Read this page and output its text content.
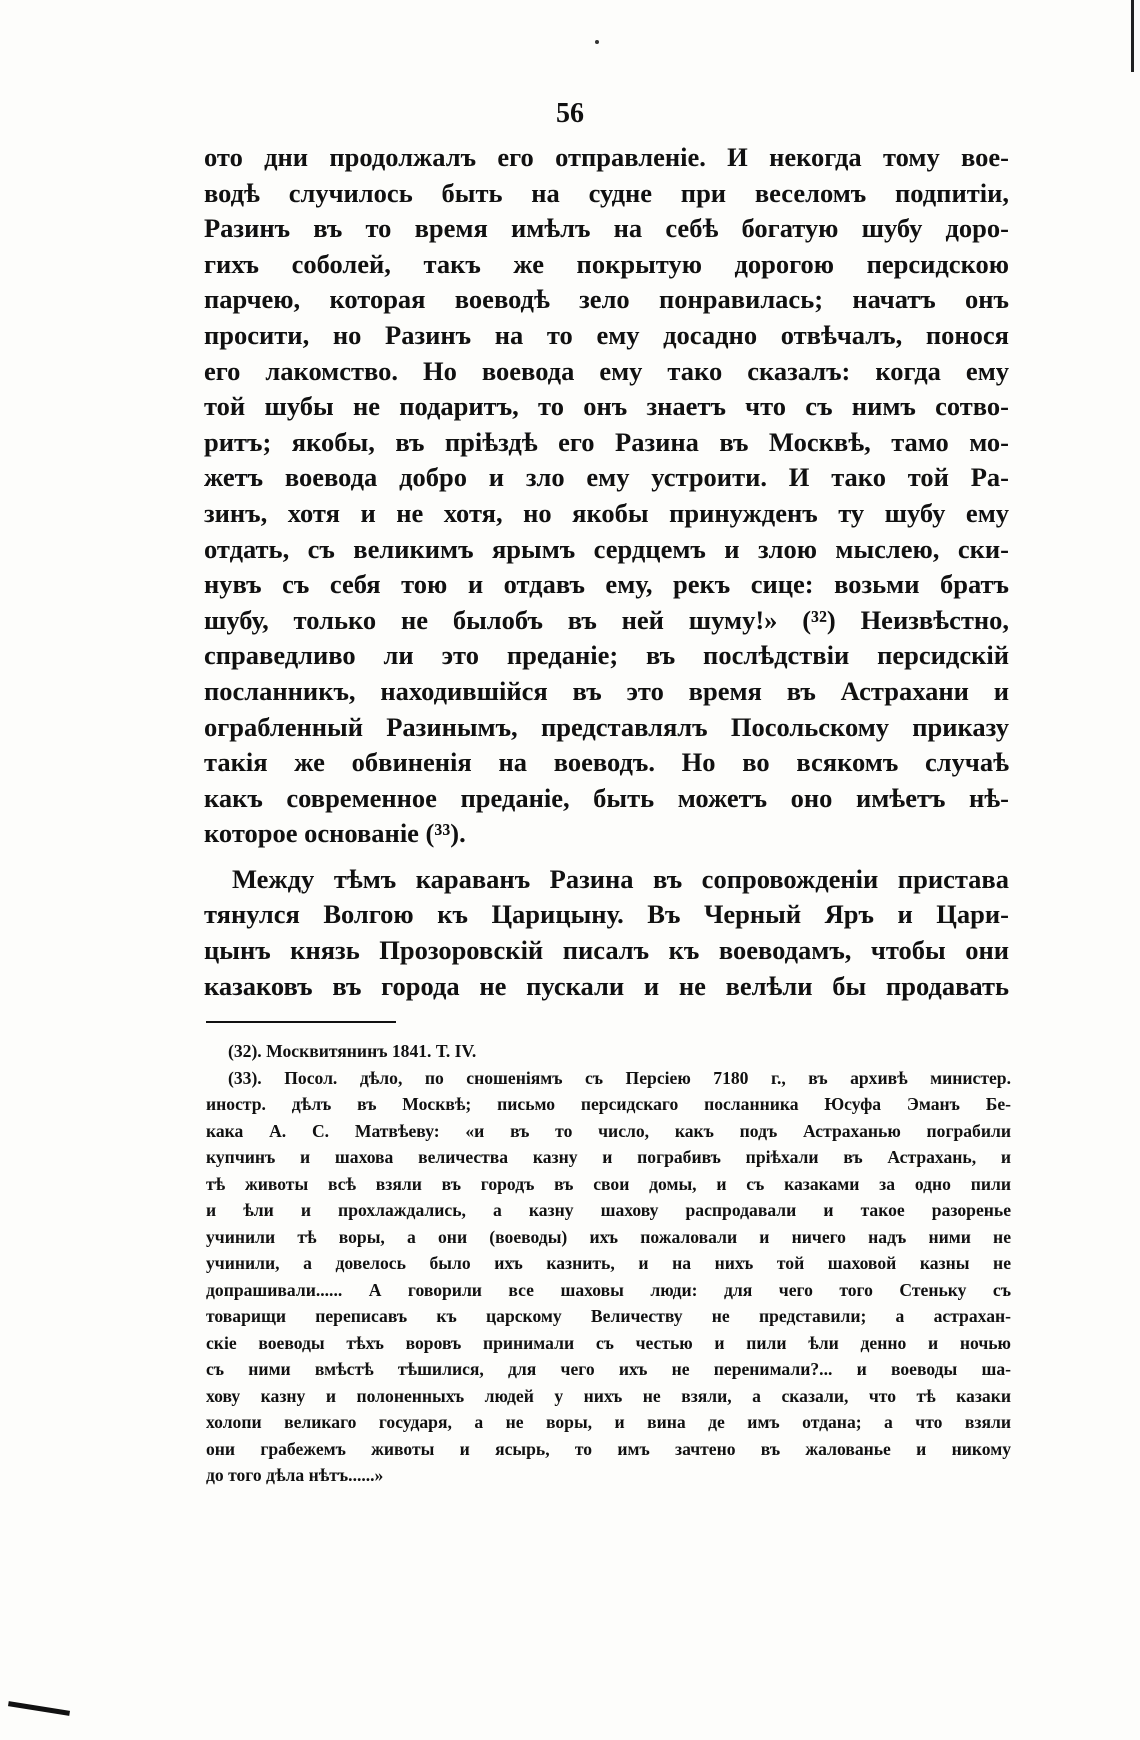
56
ото дни продолжалъ его отправленіе. И некогда тому вое-
водѣ случилось быть на судне при веселомъ подпитіи,
Разинъ въ то время имѣлъ на себѣ богатую шубу дорo-
гихъ соболей, такъ же покрытую дорогою персидскою
парчею, которая воеводѣ зело понравилась; начатъ онъ
просити, но Разинъ на то ему досадно отвѣчалъ, понося
его лакомство. Но воевода ему тако сказалъ: когда ему
той шубы не подаритъ, то онъ знаетъ что съ нимъ сотво-
ритъ; якобы, въ пріѣздѣ его Разина въ Москвѣ, тамо мо-
жетъ воевода добро и зло ему устроити. И тако той Ра-
зинъ, хотя и не хотя, но якобы принужденъ ту шубу ему
отдать, съ великимъ ярымъ сердцемъ и злою мыслею, ски-
нувъ съ себя тою и отдавъ ему, рекъ сице: возьми братъ
шубу, только не былобъ въ ней шуму!» (³²) Неизвѣстно,
справедливо ли это преданіе; въ послѣдствіи персидскій
посланникъ, находившійся въ это время въ Астрахани и
ограбленный Разинымъ, представлялъ Посольскому приказу
такія же обвиненія на воеводъ. Но во всякомъ случаѣ
какъ современное преданіе, быть можетъ оно имѣетъ нѣ-
которое основаніе (³³).
Между тѣмъ караванъ Разина въ сопровожденіи пристава
тянулся Волгою къ Царицыну. Въ Черный Яръ и Цари-
цынъ князь Прозоровскій писалъ къ воеводамъ, чтобы они
казаковъ въ города не пускали и не велѣли бы продавать
(32). Москвитянинъ 1841. Т. IV.
(33). Посол. дѣло, по сношеніямъ съ Персіею 7180 г., въ архивѣ министер.
иностр. дѣлъ въ Москвѣ; письмо персидскаго посланника Юсуфа Эманъ Бе-
кака А. С. Матвѣеву: «и въ то число, какъ подъ Астраханью пограбили
купчинъ и шахова величества казну и пограбивъ пріѣхали въ Астрахань, и
тѣ животы всѣ взяли въ городъ въ свои домы, и съ казаками за одно пили
и ѣли и прохлаждались, а казну шахову распродавали и такое разоренье
учинили тѣ воры, а они (воеводы) ихъ пожаловали и ничего надъ ними не
учинили, а довелось было ихъ казнить, и на нихъ той шаховой казны не
допрашивали...... А говорили все шаховы люди: для чего того Стеньку съ
товарищи переписавъ къ царскому Величеству не представили; а астрахан-
скіе воеводы тѣхъ воровъ принимали съ честью и пили ѣли денно и ночью
съ ними вмѣстѣ тѣшилися, для чего ихъ не перенимали?... и воеводы ша-
хову казну и полоненныхъ людей у нихъ не взяли, а сказали, что тѣ казаки
холопи великаго государя, а не воры, и вина де имъ отдана; а что взяли
они грабежемъ животы и ясырь, то имъ зачтено въ жалованье и никому
до того дѣла нѣтъ......»
